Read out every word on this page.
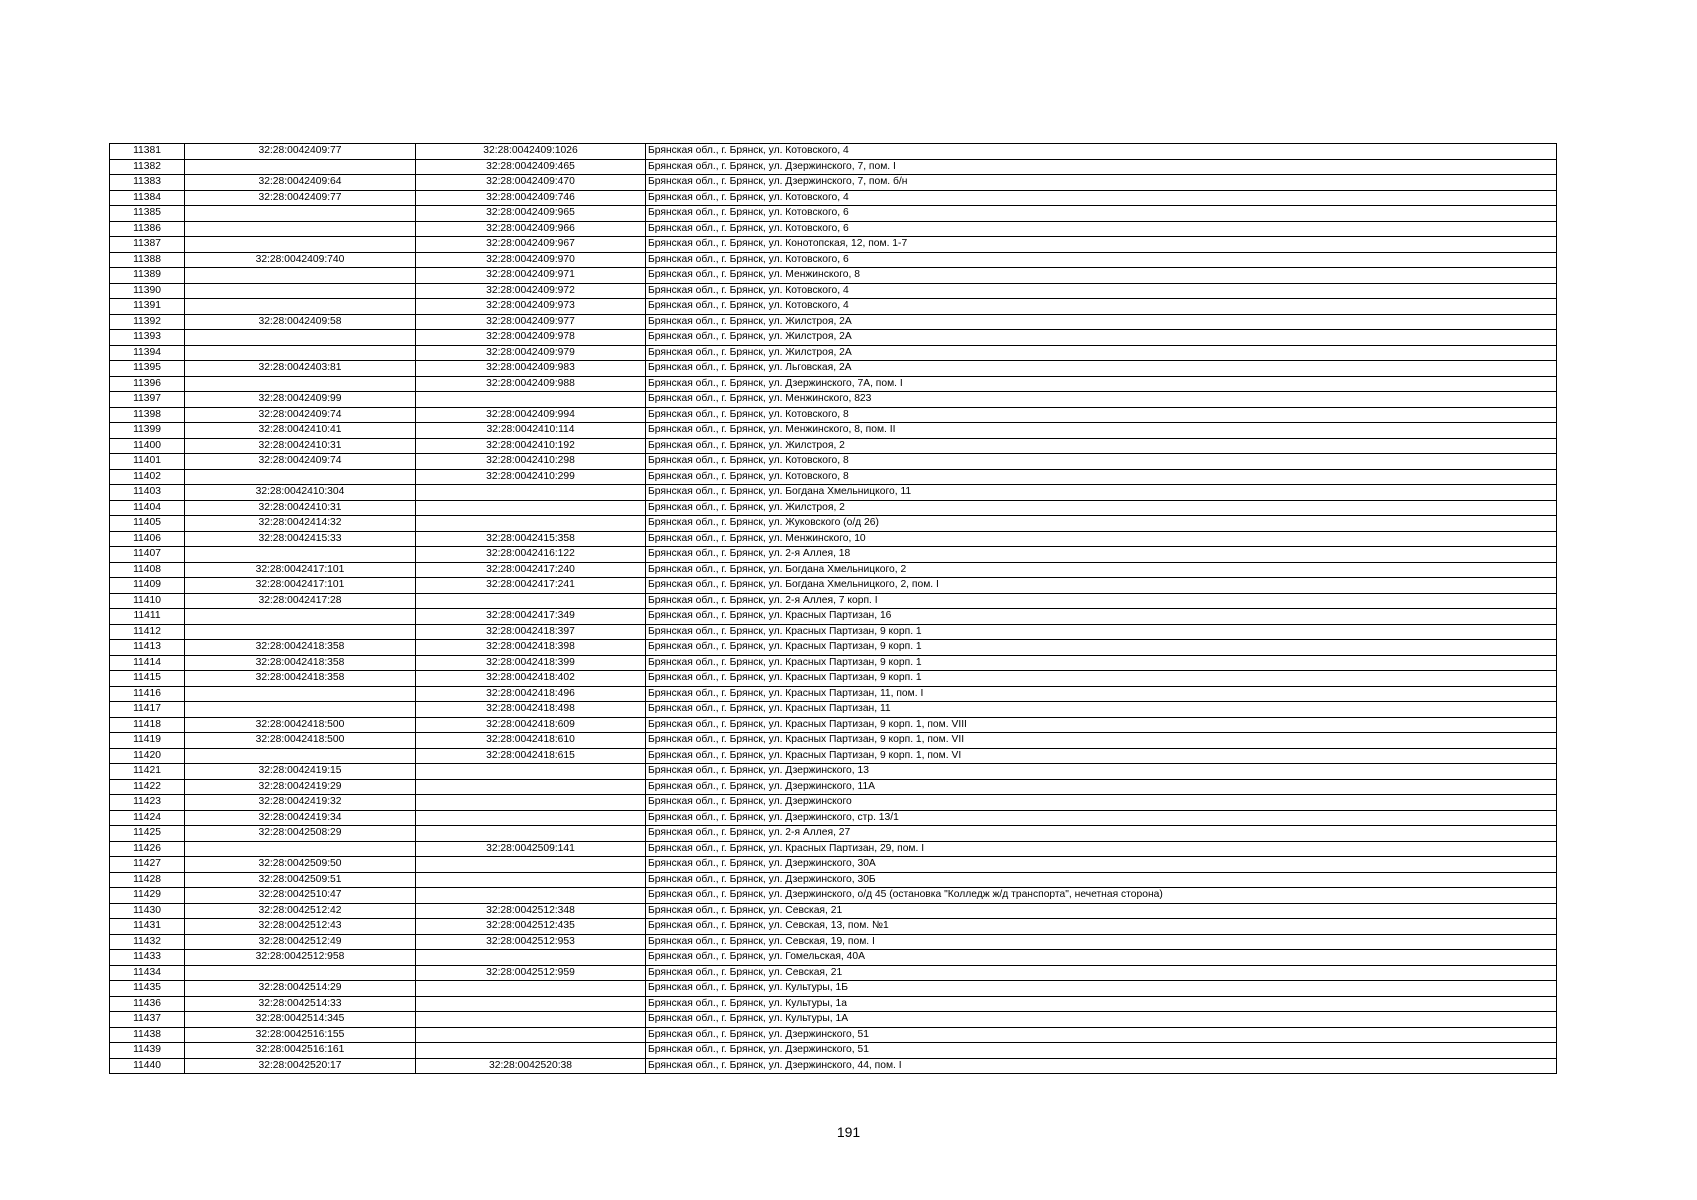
11381	32:28:0042409:77	32:28:0042409:1026	Брянская обл., г. Брянск, ул. Котовского, 4
11382		32:28:0042409:465	Брянская обл., г. Брянск, ул. Дзержинского, 7, пом. I
11383	32:28:0042409:64	32:28:0042409:470	Брянская обл., г. Брянск, ул. Дзержинского, 7, пом. б/н
11384	32:28:0042409:77	32:28:0042409:746	Брянская обл., г. Брянск, ул. Котовского, 4
11385		32:28:0042409:965	Брянская обл., г. Брянск, ул. Котовского, 6
11386		32:28:0042409:966	Брянская обл., г. Брянск, ул. Котовского, 6
11387		32:28:0042409:967	Брянская обл., г. Брянск, ул. Конотопская, 12, пом. 1-7
11388	32:28:0042409:740	32:28:0042409:970	Брянская обл., г. Брянск, ул. Котовского, 6
11389		32:28:0042409:971	Брянская обл., г. Брянск, ул. Менжинского, 8
11390		32:28:0042409:972	Брянская обл., г. Брянск, ул. Котовского, 4
11391		32:28:0042409:973	Брянская обл., г. Брянск, ул. Котовского, 4
11392	32:28:0042409:58	32:28:0042409:977	Брянская обл., г. Брянск, ул. Жилстроя, 2А
11393		32:28:0042409:978	Брянская обл., г. Брянск, ул. Жилстроя, 2А
11394		32:28:0042409:979	Брянская обл., г. Брянск, ул. Жилстроя, 2А
11395	32:28:0042403:81	32:28:0042409:983	Брянская обл., г. Брянск, ул. Льговская, 2А
11396		32:28:0042409:988	Брянская обл., г. Брянск, ул. Дзержинского, 7А, пом. I
11397	32:28:0042409:99		Брянская обл., г. Брянск, ул. Менжинского, 823
11398	32:28:0042409:74	32:28:0042409:994	Брянская обл., г. Брянск, ул. Котовского, 8
11399	32:28:0042410:41	32:28:0042410:114	Брянская обл., г. Брянск, ул. Менжинского, 8, пом. II
11400	32:28:0042410:31	32:28:0042410:192	Брянская обл., г. Брянск, ул. Жилстроя, 2
11401	32:28:0042409:74	32:28:0042410:298	Брянская обл., г. Брянск, ул. Котовского, 8
11402		32:28:0042410:299	Брянская обл., г. Брянск, ул. Котовского, 8
11403	32:28:0042410:304		Брянская обл., г. Брянск, ул. Богдана Хмельницкого, 11
11404	32:28:0042410:31		Брянская обл., г. Брянск, ул. Жилстроя, 2
11405	32:28:0042414:32		Брянская обл., г. Брянск, ул. Жуковского (о/д 26)
11406	32:28:0042415:33	32:28:0042415:358	Брянская обл., г. Брянск, ул. Менжинского, 10
11407		32:28:0042416:122	Брянская обл., г. Брянск, ул. 2-я Аллея, 18
11408	32:28:0042417:101	32:28:0042417:240	Брянская обл., г. Брянск, ул. Богдана Хмельницкого, 2
11409	32:28:0042417:101	32:28:0042417:241	Брянская обл., г. Брянск, ул. Богдана Хмельницкого, 2, пом. I
11410	32:28:0042417:28		Брянская обл., г. Брянск, ул. 2-я Аллея, 7 корп. I
11411		32:28:0042417:349	Брянская обл., г. Брянск, ул. Красных Партизан, 16
11412		32:28:0042418:397	Брянская обл., г. Брянск, ул. Красных Партизан, 9 корп. 1
11413	32:28:0042418:358	32:28:0042418:398	Брянская обл., г. Брянск, ул. Красных Партизан, 9 корп. 1
11414	32:28:0042418:358	32:28:0042418:399	Брянская обл., г. Брянск, ул. Красных Партизан, 9 корп. 1
11415	32:28:0042418:358	32:28:0042418:402	Брянская обл., г. Брянск, ул. Красных Партизан, 9 корп. 1
11416		32:28:0042418:496	Брянская обл., г. Брянск, ул. Красных Партизан, 11, пом. I
11417		32:28:0042418:498	Брянская обл., г. Брянск, ул. Красных Партизан, 11
11418	32:28:0042418:500	32:28:0042418:609	Брянская обл., г. Брянск, ул. Красных Партизан, 9 корп. 1, пом. VIII
11419	32:28:0042418:500	32:28:0042418:610	Брянская обл., г. Брянск, ул. Красных Партизан, 9 корп. 1, пом. VII
11420		32:28:0042418:615	Брянская обл., г. Брянск, ул. Красных Партизан, 9 корп. 1, пом. VI
11421	32:28:0042419:15		Брянская обл., г. Брянск, ул. Дзержинского, 13
11422	32:28:0042419:29		Брянская обл., г. Брянск, ул. Дзержинского, 11А
11423	32:28:0042419:32		Брянская обл., г. Брянск, ул. Дзержинского
11424	32:28:0042419:34		Брянская обл., г. Брянск, ул. Дзержинского, стр. 13/1
11425	32:28:0042508:29		Брянская обл., г. Брянск, ул. 2-я Аллея, 27
11426		32:28:0042509:141	Брянская обл., г. Брянск, ул. Красных Партизан, 29, пом. I
11427	32:28:0042509:50		Брянская обл., г. Брянск, ул. Дзержинского, 30А
11428	32:28:0042509:51		Брянская обл., г. Брянск, ул. Дзержинского, 30Б
11429	32:28:0042510:47		Брянская обл., г. Брянск, ул. Дзержинского, о/д 45 (остановка "Колледж ж/д транспорта", нечетная сторона)
11430	32:28:0042512:42	32:28:0042512:348	Брянская обл., г. Брянск, ул. Севская, 21
11431	32:28:0042512:43	32:28:0042512:435	Брянская обл., г. Брянск, ул. Севская, 13, пом. №1
11432	32:28:0042512:49	32:28:0042512:953	Брянская обл., г. Брянск, ул. Севская, 19, пом. I
11433	32:28:0042512:958		Брянская обл., г. Брянск, ул. Гомельская, 40А
11434		32:28:0042512:959	Брянская обл., г. Брянск, ул. Севская, 21
11435	32:28:0042514:29		Брянская обл., г. Брянск, ул. Культуры, 1Б
11436	32:28:0042514:33		Брянская обл., г. Брянск, ул. Культуры, 1а
11437	32:28:0042514:345		Брянская обл., г. Брянск, ул. Культуры, 1А
11438	32:28:0042516:155		Брянская обл., г. Брянск, ул. Дзержинского, 51
11439	32:28:0042516:161		Брянская обл., г. Брянск, ул. Дзержинского, 51
11440	32:28:0042520:17	32:28:0042520:38	Брянская обл., г. Брянск, ул. Дзержинского, 44, пом. I
191
